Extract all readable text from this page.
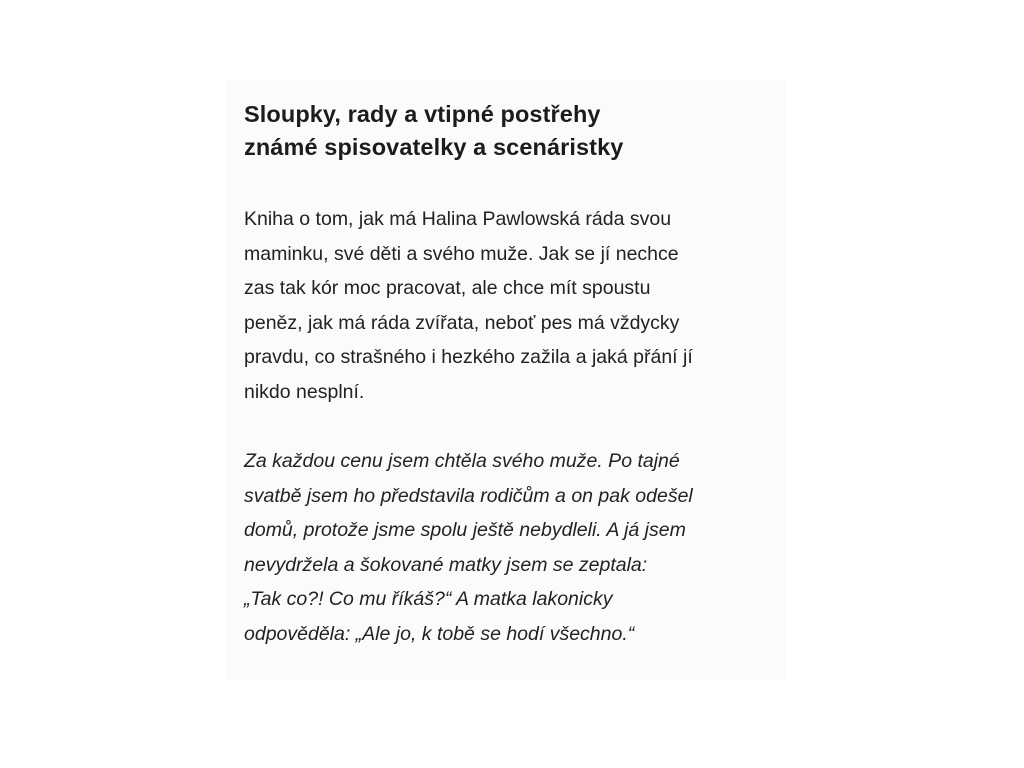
Sloupky, rady a vtipné postřehy
známé spisovatelky a scenáristky

Kniha o tom, jak má Halina Pawlowská ráda svou
maminku, své děti a svého muže. Jak se jí nechce
zas tak kór moc pracovat, ale chce mít spoustu
peněz, jak má ráda zvířata, neboť pes má vždycky
pravdu, co strašného i hezkého zažila a jaká přání jí
nikdo nesplní.

Za každou cenu jsem chtěla svého muže. Po tajné
svatbě jsem ho představila rodičům a on pak odešel
domů, protože jsme spolu ještě nebydleli. A já jsem
nevydržela a šokované matky jsem se zeptala:
„Tak co?! Co mu říkáš?“ A matka lakonicky
odpověděla: „Ale jo, k tobě se hodí všechno.“
